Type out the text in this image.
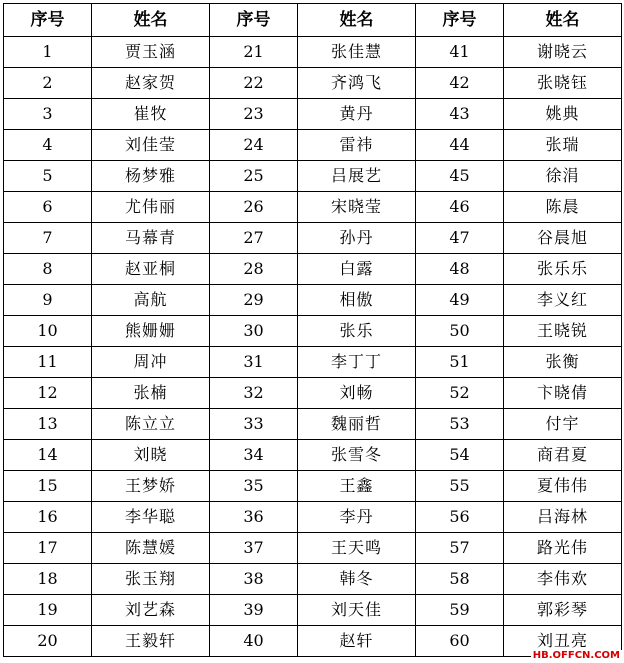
序号	姓名	序号	姓名	序号	姓名
1	贾玉涵	21	张佳慧	41	谢晓云
2	赵家贺	22	齐鸿飞	42	张晓钰
3	崔牧	23	黄丹	43	姚典
4	刘佳莹	24	雷祎	44	张瑞
5	杨梦雅	25	吕展艺	45	徐涓
6	尤伟丽	26	宋晓莹	46	陈晨
7	马幕青	27	孙丹	47	谷晨旭
8	赵亚桐	28	白露	48	张乐乐
9	高航	29	相傲	49	李义红
10	熊姗姗	30	张乐	50	王晓锐
11	周冲	31	李丁丁	51	张衡
12	张楠	32	刘畅	52	卞晓倩
13	陈立立	33	魏丽哲	53	付宇
14	刘晓	34	张雪冬	54	商君夏
15	王梦娇	35	王鑫	55	夏伟伟
16	李华聪	36	李丹	56	吕海林
17	陈慧媛	37	王天鸣	57	路光伟
18	张玉翔	38	韩冬	58	李伟欢
19	刘艺森	39	刘天佳	59	郭彩琴
20	王毅轩	40	赵轩	60	刘丑亮
HB.OFFCN.COM
